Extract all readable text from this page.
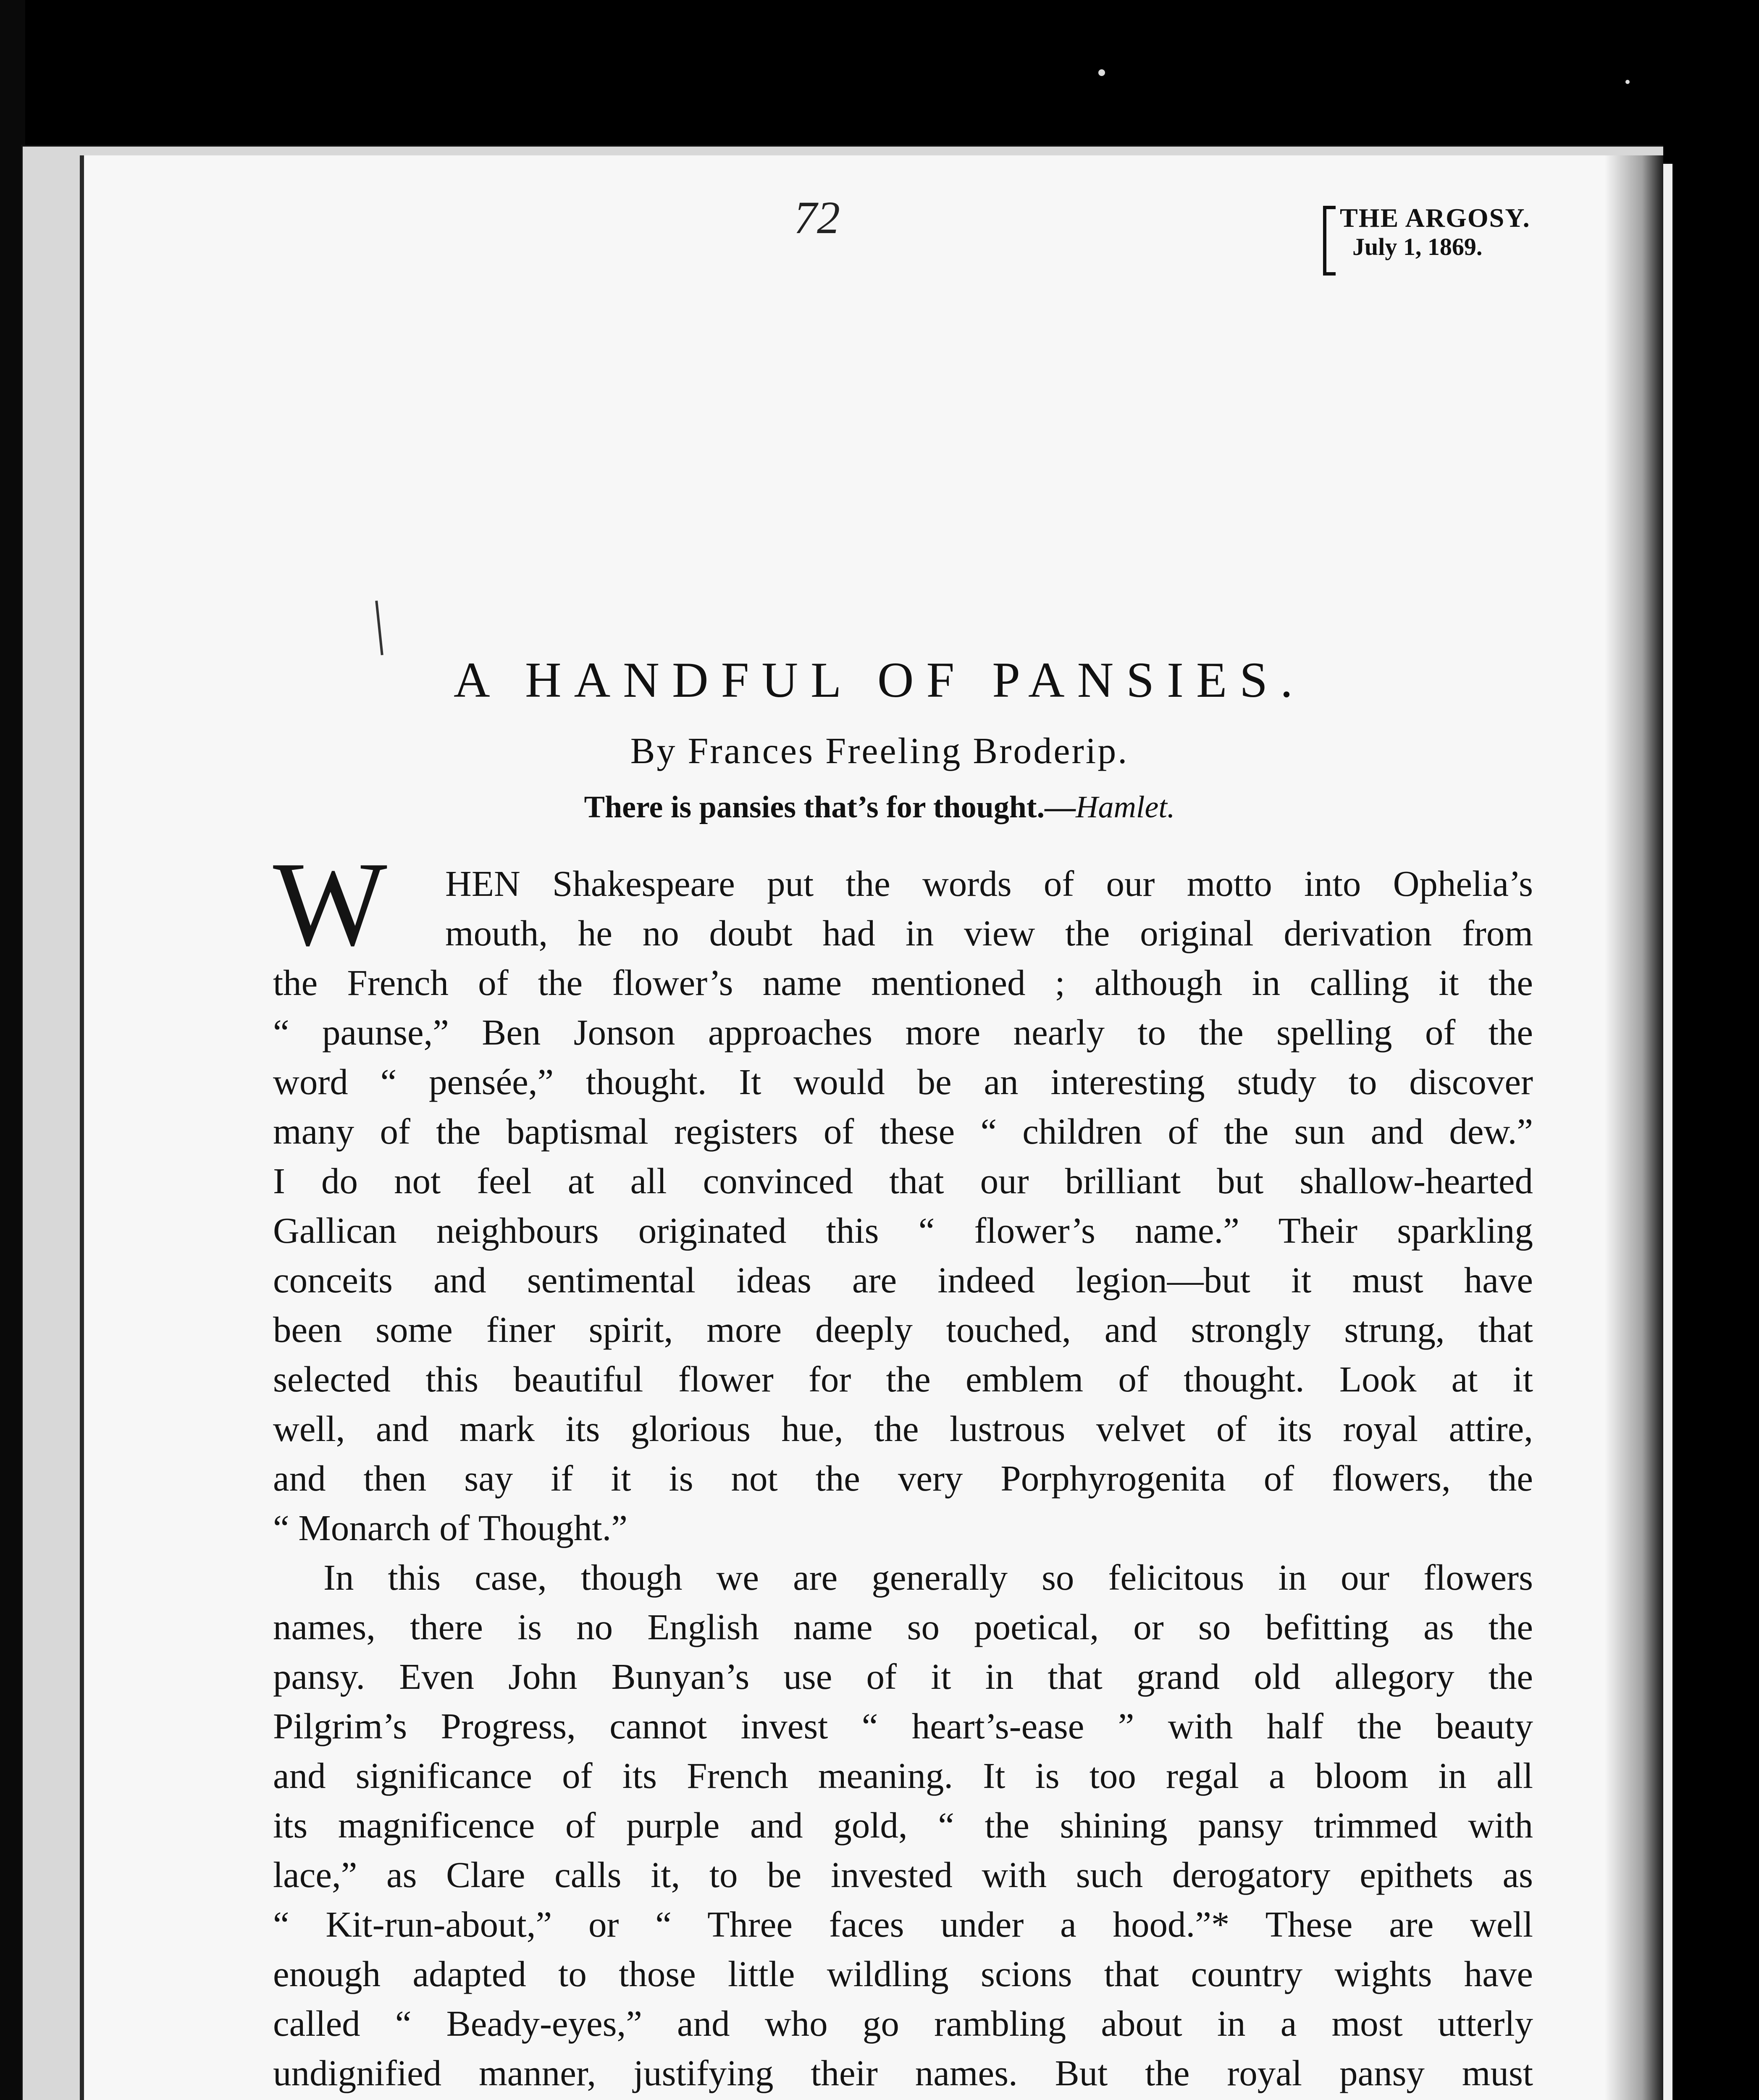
THE ARGOSY.
July 1, 1869.
72
A HANDFUL OF PANSIES.
By Frances Freeling Broderip.
There is pansies that’s for thought.—Hamlet.
W	HEN Shakespeare put the words of our motto into Ophelia’s
mouth, he no doubt had in view the original derivation from
the French of the flower’s name mentioned ; although in calling it the
“ paunse,” Ben Jonson approaches more nearly to the spelling of the
word “ pensée,” thought. It would be an interesting study to discover
many of the baptismal registers of these “ children of the sun and dew.”
I do not feel at all convinced that our brilliant but shallow-hearted
Gallican neighbours originated this “ flower’s name.” Their sparkling
conceits and sentimental ideas are indeed legion—but it must have
been some finer spirit, more deeply touched, and strongly strung, that
selected this beautiful flower for the emblem of thought. Look at it
well, and mark its glorious hue, the lustrous velvet of its royal attire,
and then say if it is not the very Porphyrogenita of flowers, the
“ Monarch of Thought.”
In this case, though we are generally so felicitous in our flowers
names, there is no English name so poetical, or so befitting as the
pansy. Even John Bunyan’s use of it in that grand old allegory the
Pilgrim’s Progress, cannot invest “ heart’s-ease ” with half the beauty
and significance of its French meaning. It is too regal a bloom in all
its magnificence of purple and gold, “ the shining pansy trimmed with
lace,” as Clare calls it, to be invested with such derogatory epithets as
“ Kit-run-about,” or “ Three faces under a hood.”* These are well
enough adapted to those little wildling scions that country wights have
called “ Beady-eyes,” and who go rambling about in a most utterly
undignified manner, justifying their names. But the royal pansy must
